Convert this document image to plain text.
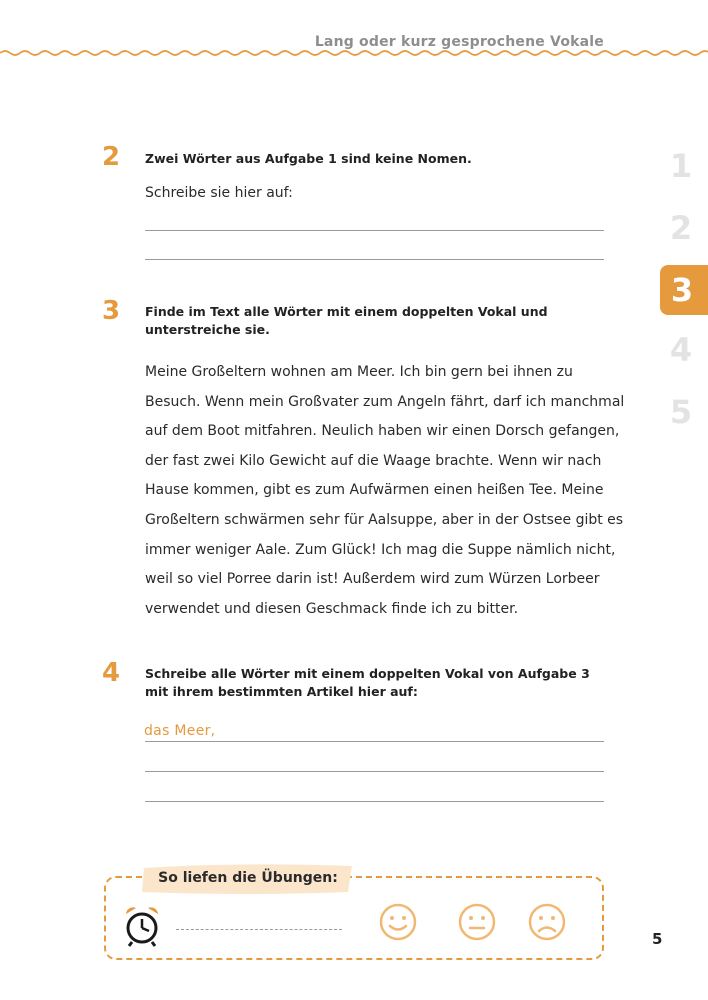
Lang oder kurz gesprochene Vokale
2 Zwei Wörter aus Aufgabe 1 sind keine Nomen.
Schreibe sie hier auf:
3 Finde im Text alle Wörter mit einem doppelten Vokal und unterstreiche sie.

Meine Großeltern wohnen am Meer. Ich bin gern bei ihnen zu

Besuch. Wenn mein Großvater zum Angeln fährt, darf ich manchmal

auf dem Boot mitfahren. Neulich haben wir einen Dorsch gefangen,

der fast zwei Kilo Gewicht auf die Waage brachte. Wenn wir nach

Hause kommen, gibt es zum Aufwärmen einen heißen Tee. Meine

Großeltern schwärmen sehr für Aalsuppe, aber in der Ostsee gibt es

immer weniger Aale. Zum Glück! Ich mag die Suppe nämlich nicht,

weil so viel Porree darin ist! Außerdem wird zum Würzen Lorbeer

verwendet und diesen Geschmack finde ich zu bitter.

4 Schreibe alle Wörter mit einem doppelten Vokal von Aufgabe 3 mit ihrem bestimmten Artikel hier auf:
das Meer,
1
2
3
4
5
So liefen die Übungen:
5
